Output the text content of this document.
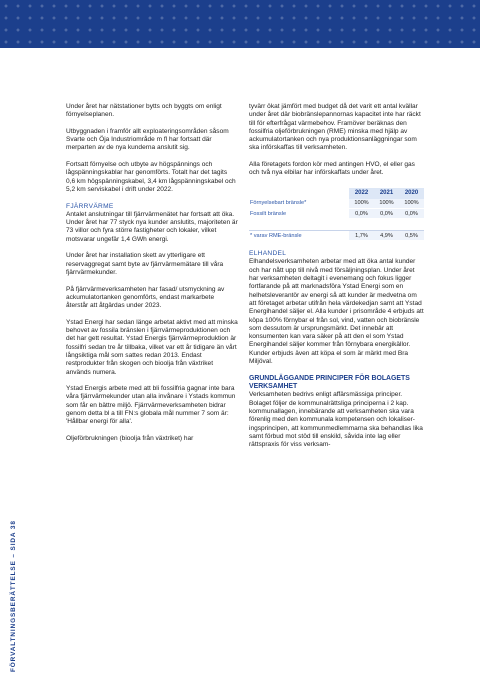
FÖRVALTNINGSBERÄTTELSE – SIDA 38

Under året har nätstationer bytts och byggts om enligt förnyelseplanen.

Utbyggnaden i framför allt exploateringsområden såsom Svarte och Öja Industriområde m fl har fortsatt där merparten av de nya kunderna anslutit sig.

Fortsatt förnyelse och utbyte av högspännings och lågspänningskablar har genomförts. Totalt har det tagits 0,6 km högspänningskabel, 3,4 km lågspänningskabel och 5,2 km serviskabel i drift under 2022.

FJÄRRVÄRME

Antalet anslutningar till fjärrvärmenätet har fortsatt att öka. Under året har 77 styck nya kunder anslutits, majoriteten är 73 villor och fyra större fastigheter och lokaler, vilket motsvarar ungefär 1,4 GWh energi.

Under året har installation skett av ytterligare ett reservaggregat samt byte av fjärrvärmemätare till våra fjärrvärmekunder.

På fjärrvärmeverksamheten har fasad/ utsmyckning av ackumulatortanken genomförts, endast markarbete återstår att åtgärdas under 2023.

Ystad Energi har sedan länge arbetat aktivt med att minska behovet av fossila bränslen i fjärrvärmeproduktionen och det har gett resultat. Ystad Energis fjärrvärmeproduktion är fossilfri sedan tre år tillbaka, vilket var ett år tidigare än vårt långsiktiga mål som sattes redan 2013. Endast restprodukter från skogen och bioolja från växtriket används numera.

Ystad Energis arbete med att bli fossilfria gagnar inte bara våra fjärrvärmekunder utan alla invånare i Ystads kommun som får en bättre miljö. Fjärrvärmeverksamheten bidrar genom detta bl a till FN:s globala mål nummer 7 som är: 'Hållbar energi för alla'.

Oljeförbrukningen (bioolja från växtriket) har

tyvärr ökat jämfört med budget då det varit ett antal kvällar under året där biobränslepannornas kapacitet inte har räckt till för efterfrågat värmebehov. Framöver beräknas den fossilfria oljeförbrukningen (RME) minska med hjälp av ackumulatortanken och nya produktionsanläggningar som ska införskaffas till verksamheten.

Alla företagets fordon kör med antingen HVO, el eller gas och två nya elbilar har införskaffats under året.

	2022	2021	2020
Förnyelsebart bränsle*	100%	100%	100%
Fossilt bränsle	0,0%	0,0%	0,0%

* varav RME-bränsle	1,7%	4,9%	0,5%
ELHANDEL

Elhandelsverksamheten arbetar med att öka antal kunder och har nått upp till nivå med försäljningsplan. Under året har verksamheten deltagit i evenemang och fokus ligger fortfarande på att marknadsföra Ystad Energi som en helhetsleverantör av energi så att kunder är medvetna om att företaget arbetar utifrån hela värdekedjan samt att Ystad Energihandel säljer el. Alla kunder i prisområde 4 erbjuds att köpa 100% förnybar el från sol, vind, vatten och biobränsle som dessutom är ursprungsmärkt. Det innebär att konsumenten kan vara säker på att den el som Ystad Energihandel säljer kommer från förnybara energikällor. Kunder erbjuds även att köpa el som är märkt med Bra Miljöval.

GRUNDLÄGGANDE PRINCIPER FÖR BOLAGETS VERKSAMHET

Verksamheten bedrivs enligt affärsmässiga principer. Bolaget följer de kommunalrättsliga principerna i 2 kap. kommunallagen, innebärande att verksamheten ska vara förenlig med den kommunala kompetensen och lokaliseringsprincipen, att kommunmedlemmarna ska behandlas lika samt förbud mot stöd till enskild, såvida inte lag eller rättspraxis för viss verksam-
